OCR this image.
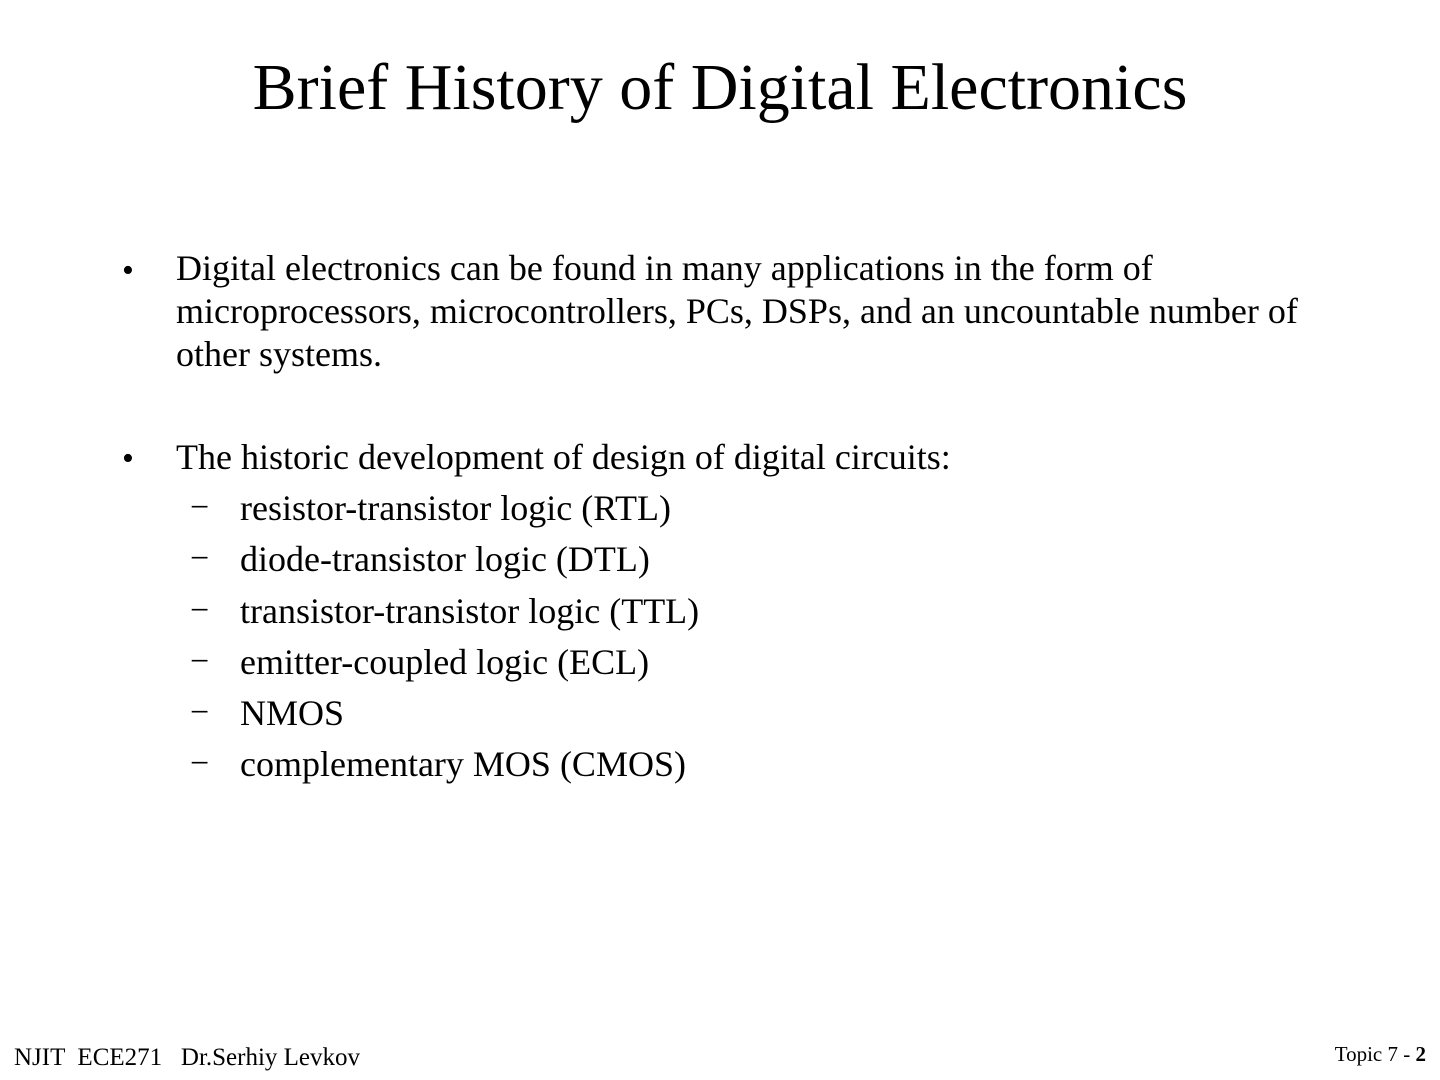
Brief History of Digital Electronics
• Digital electronics can be found in many applications in the form of microprocessors, microcontrollers, PCs, DSPs, and an uncountable number of other systems.

• The historic development of design of digital circuits:

− resistor-transistor logic (RTL)

− diode-transistor logic (DTL)

− transistor-transistor logic (TTL)

− emitter-coupled logic (ECL)

− NMOS

− complementary MOS (CMOS)

NJIT  ECE271   Dr.Serhiy Levkov	Topic 7 - 2
